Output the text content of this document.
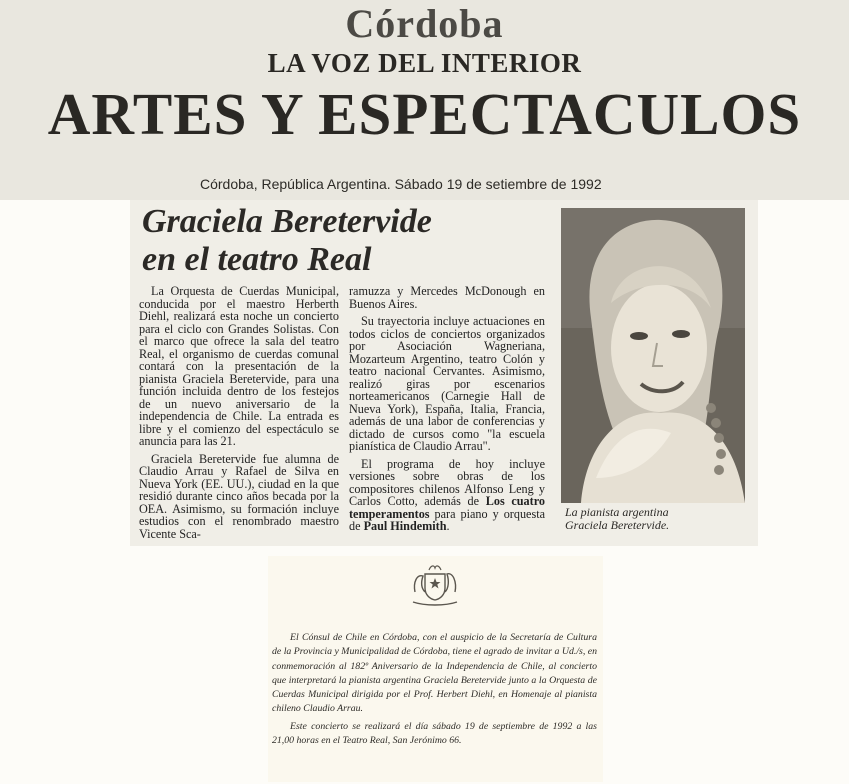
Córdoba
LA VOZ DEL INTERIOR
ARTES Y ESPECTACULOS
Córdoba, República Argentina. Sábado 19 de setiembre de 1992
Graciela Beretervide
en el teatro Real

La Orquesta de Cuerdas Municipal, conducida por el maestro Herberth Diehl, realizará esta noche un concierto para el ciclo con Grandes Solistas. Con el marco que ofrece la sala del teatro Real, el organismo de cuerdas comunal contará con la presentación de la pianista Graciela Beretervide, para una función incluida dentro de los festejos de un nuevo aniversario de la independencia de Chile. La entrada es libre y el comienzo del espectáculo se anuncia para las 21.

Graciela Beretervide fue alumna de Claudio Arrau y Rafael de Silva en Nueva York (EE. UU.), ciudad en la que residió durante cinco años becada por la OEA. Asimismo, su formación incluye estudios con el renombrado maestro Vicente Sca-

ramuzza y Mercedes McDonough en Buenos Aires.

Su trayectoria incluye actuaciones en todos ciclos de conciertos organizados por Asociación Wagneriana, Mozarteum Argentino, teatro Colón y teatro nacional Cervantes. Asimismo, realizó giras por escenarios norteamericanos (Carnegie Hall de Nueva York), España, Italia, Francia, además de una labor de conferencias y dictado de cursos como "la escuela pianística de Claudio Arrau".

El programa de hoy incluye versiones sobre obras de los compositores chilenos Alfonso Leng y Carlos Cotto, además de Los cuatro temperamentos para piano y orquesta de Paul Hindemith.

La pianista argentina
Graciela Beretervide.

El Cónsul de Chile en Córdoba, con el auspicio de la Secretaría de Cultura de la Provincia y Municipalidad de Córdoba, tiene el agrado de invitar a Ud./s, en conmemoración al 182º Aniversario de la Independencia de Chile, al concierto que interpretará la pianista argentina Graciela Beretervide junto a la Orquesta de Cuerdas Municipal dirigida por el Prof. Herbert Diehl, en Homenaje al pianista chileno Claudio Arrau.

Este concierto se realizará el día sábado 19 de septiembre de 1992 a las 21,00 horas en el Teatro Real, San Jerónimo 66.
